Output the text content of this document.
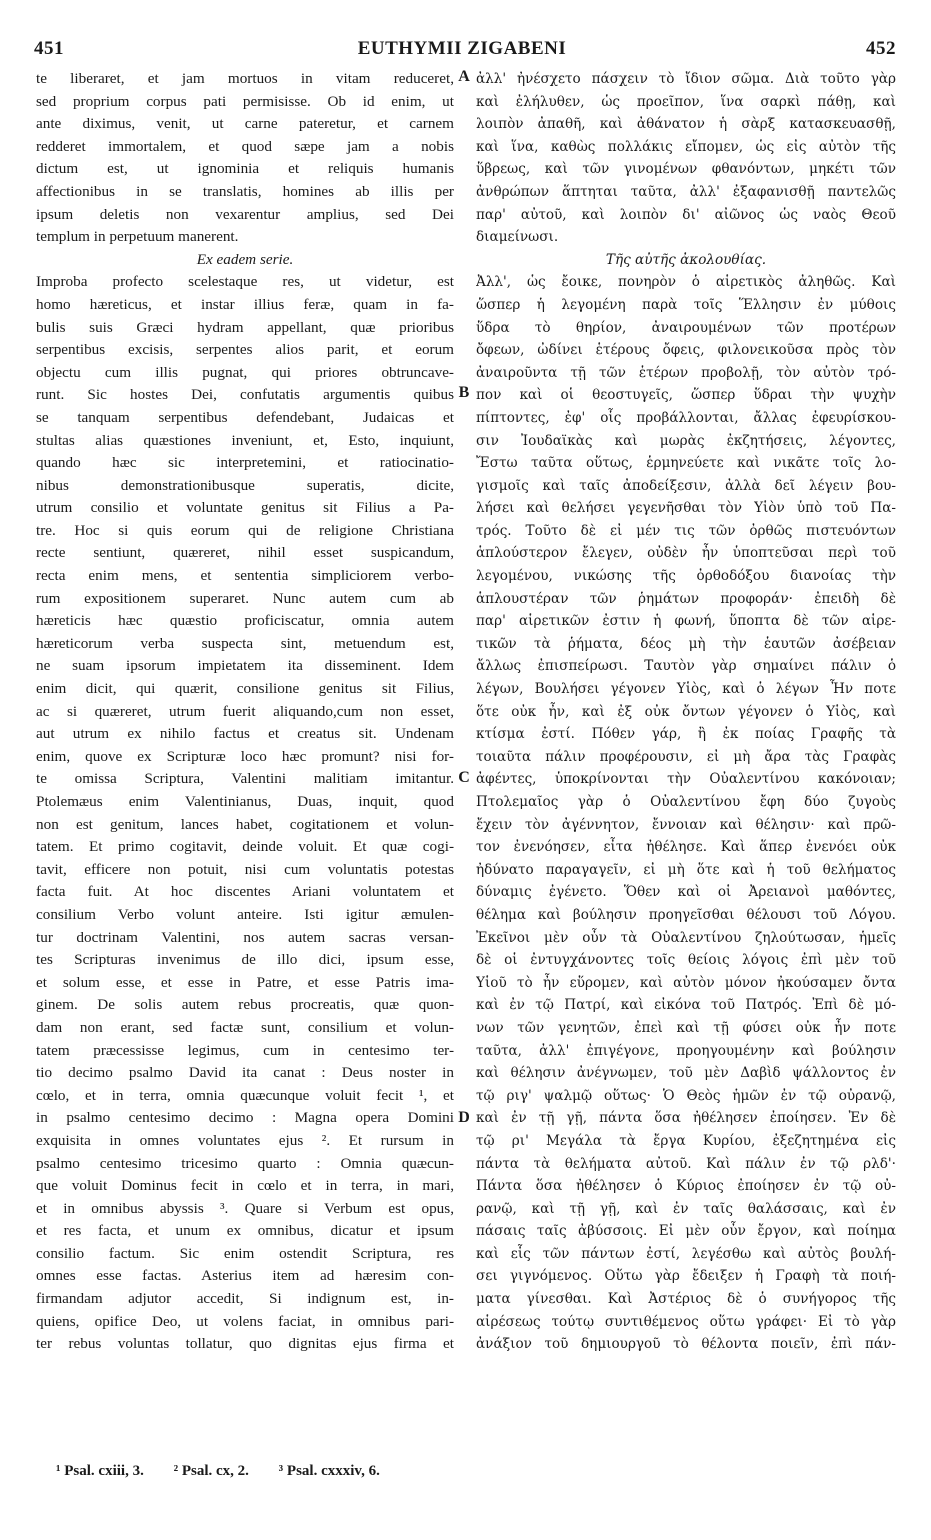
451	EUTHYMII ZIGABENI	452
te liberaret, et jam mortuos in vitam reduceret,
sed proprium corpus pati permisisse. Ob id enim, ut
ante diximus, venit, ut carne pateretur, et carnem
redderet immortalem, et quod sæpe jam a nobis
dictum est, ut ignominia et reliquis humanis
affectionibus in se translatis, homines ab illis per
ipsum deletis non vexarentur amplius, sed Dei
templum in perpetuum manerent.
Ex eadem serie.
Improba profecto scelestaque res, ut videtur, est
homo hæreticus, et instar illius feræ, quam in fa-
bulis suis Græci hydram appellant, quæ prioribus
serpentibus excisis, serpentes alios parit, et eorum
objectu cum illis pugnat, qui priores obtruncave-
runt. Sic hostes Dei, confutatis argumentis quibus
se tanquam serpentibus defendebant, Judaicas et
stultas alias quæstiones inveniunt, et, Esto, inquiunt,
quando hæc sic interpretemini, et ratiocinatio-
nibus demonstrationibusque superatis, dicite,
utrum consilio et voluntate genitus sit Filius a Pa-
tre. Hoc si quis eorum qui de religione Christiana
recte sentiunt, quæreret, nihil esset suspicandum,
recta enim mens, et sententia simpliciorem verbo-
rum expositionem superaret. Nunc autem cum ab
hæreticis hæc quæstio proficiscatur, omnia autem
hæreticorum verba suspecta sint, metuendum est,
ne suam ipsorum impietatem ita disseminent. Idem
enim dicit, qui quærit, consilione genitus sit Filius,
ac si quæreret, utrum fuerit aliquando,cum non esset,
aut utrum ex nihilo factus et creatus sit. Undenam
enim, quove ex Scripturæ loco hæc promunt? nisi for-
te omissa Scriptura, Valentini malitiam imitantur.
Ptolemæus enim Valentinianus, Duas, inquit, quod
non est genitum, lances habet, cogitationem et volun-
tatem. Et primo cogitavit, deinde voluit. Et quæ cogi-
tavit, efficere non potuit, nisi cum voluntatis potestas
facta fuit. At hoc discentes Ariani voluntatem et
consilium Verbo volunt anteire. Isti igitur æmulen-
tur doctrinam Valentini, nos autem sacras versan-
tes Scripturas invenimus de illo dici, ipsum esse,
et solum esse, et esse in Patre, et esse Patris ima-
ginem. De solis autem rebus procreatis, quæ quon-
dam non erant, sed factæ sunt, consilium et volun-
tatem præcessisse legimus, cum in centesimo ter-
tio decimo psalmo David ita canat : Deus noster in
cœlo, et in terra, omnia quæcunque voluit fecit ¹, et
in psalmo centesimo decimo : Magna opera Domini
exquisita in omnes voluntates ejus ². Et rursum in
psalmo centesimo tricesimo quarto : Omnia quæcun-
que voluit Dominus fecit in cœlo et in terra, in mari,
et in omnibus abyssis ³. Quare si Verbum est opus,
et res facta, et unum ex omnibus, dicatur et ipsum
consilio factum. Sic enim ostendit Scriptura, res
omnes esse factas. Asterius item ad hæresim con-
firmandam adjutor accedit, Si indignum est, in-
quiens, opifice Deo, ut volens faciat, in omnibus pari-
ter rebus voluntas tollatur, quo dignitas ejus firma et
ἀλλ' ἠνέσχετο πάσχειν τὸ ἴδιον σῶμα. Διὰ τοῦτο γὰρ
καὶ ἐλήλυθεν, ὡς προεῖπον, ἵνα σαρκὶ πάθῃ, καὶ
λοιπὸν ἀπαθῆ, καὶ ἀθάνατον ἡ σὰρξ κατασκευασθῇ,
καὶ ἵνα, καθὼς πολλάκις εἴπομεν, ὡς εἰς αὐτὸν τῆς
ὕβρεως, καὶ τῶν γινομένων φθανόντων, μηκέτι τῶν
ἀνθρώπων ἅπτηται ταῦτα, ἀλλ' ἐξαφανισθῇ παντελῶς
παρ' αὐτοῦ, καὶ λοιπὸν δι' αἰῶνος ὡς ναὸς Θεοῦ
διαμείνωσι.
Τῆς αὐτῆς ἀκολουθίας.
Ἀλλ', ὡς ἔοικε, πονηρὸν ὁ αἱρετικὸς ἀληθῶς. Καὶ
ὥσπερ ἡ λεγομένη παρὰ τοῖς Ἕλλησιν ἐν μύθοις
ὕδρα τὸ θηρίον, ἀναιρουμένων τῶν προτέρων
ὄφεων, ὠδίνει ἑτέρους ὄφεις, φιλονεικοῦσα πρὸς τὸν
ἀναιροῦντα τῇ τῶν ἑτέρων προβολῇ, τὸν αὐτὸν τρό-
πον καὶ οἱ θεοστυγεῖς, ὥσπερ ὕδραι τὴν ψυχὴν
πίπτοντες, ἐφ' οἷς προβάλλονται, ἄλλας ἐφευρίσκου-
σιν Ἰουδαϊκὰς καὶ μωρὰς ἐκζητήσεις, λέγοντες,
Ἔστω ταῦτα οὕτως, ἑρμηνεύετε καὶ νικᾶτε τοῖς λο-
γισμοῖς καὶ ταῖς ἀποδείξεσιν, ἀλλὰ δεῖ λέγειν βου-
λήσει καὶ θελήσει γεγενῆσθαι τὸν Υἱὸν ὑπὸ τοῦ Πα-
τρός. Τοῦτο δὲ εἰ μέν τις τῶν ὀρθῶς πιστευόντων
ἁπλούστερον ἔλεγεν, οὐδὲν ἦν ὑποπτεῦσαι περὶ τοῦ
λεγομένου, νικώσης τῆς ὀρθοδόξου διανοίας τὴν
ἁπλουστέραν τῶν ῥημάτων προφοράν· ἐπειδὴ δὲ
παρ' αἱρετικῶν ἐστιν ἡ φωνή, ὕποπτα δὲ τῶν αἱρε-
τικῶν τὰ ῥήματα, δέος μὴ τὴν ἑαυτῶν ἀσέβειαν
ἄλλως ἐπισπείρωσι. Ταυτὸν γὰρ σημαίνει πάλιν ὁ
λέγων, Βουλήσει γέγονεν Υἱὸς, καὶ ὁ λέγων Ἦν ποτε
ὅτε οὐκ ἦν, καὶ ἐξ οὐκ ὄντων γέγονεν ὁ Υἱὸς, καὶ
κτίσμα ἐστί. Πόθεν γάρ, ἢ ἐκ ποίας Γραφῆς τὰ
τοιαῦτα πάλιν προφέρουσιν, εἰ μὴ ἄρα τὰς Γραφὰς
ἀφέντες, ὑποκρίνονται τὴν Οὐαλεντίνου κακόνοιαν;
Πτολεμαῖος γὰρ ὁ Οὐαλεντίνου ἔφη δύο ζυγοὺς
ἔχειν τὸν ἀγέννητον, ἔννοιαν καὶ θέλησιν· καὶ πρῶ-
τον ἐνενόησεν, εἶτα ἠθέλησε. Καὶ ἅπερ ἐνενόει οὐκ
ἠδύνατο παραγαγεῖν, εἰ μὴ ὅτε καὶ ἡ τοῦ θελήματος
δύναμις ἐγένετο. Ὅθεν καὶ οἱ Ἀρειανοὶ μαθόντες,
θέλημα καὶ βούλησιν προηγεῖσθαι θέλουσι τοῦ Λόγου.
Ἐκεῖνοι μὲν οὖν τὰ Οὐαλεντίνου ζηλούτωσαν, ἡμεῖς
δὲ οἱ ἐντυγχάνοντες τοῖς θείοις λόγοις ἐπὶ μὲν τοῦ
Υἱοῦ τὸ ἦν εὕρομεν, καὶ αὐτὸν μόνον ἠκούσαμεν ὄντα
καὶ ἐν τῷ Πατρί, καὶ εἰκόνα τοῦ Πατρός. Ἐπὶ δὲ μό-
νων τῶν γενητῶν, ἐπεὶ καὶ τῇ φύσει οὐκ ἦν ποτε
ταῦτα, ἀλλ' ἐπιγέγονε, προηγουμένην καὶ βούλησιν
καὶ θέλησιν ἀνέγνωμεν, τοῦ μὲν Δαβὶδ ψάλλοντος ἐν
τῷ ριγ' ψαλμῷ οὕτως· Ὁ Θεὸς ἡμῶν ἐν τῷ οὐρανῷ,
καὶ ἐν τῇ γῇ, πάντα ὅσα ἠθέλησεν ἐποίησεν. Ἐν δὲ
τῷ ρι' Μεγάλα τὰ ἔργα Κυρίου, ἐξεζητημένα εἰς
πάντα τὰ θελήματα αὐτοῦ. Καὶ πάλιν ἐν τῷ ρλδ'·
Πάντα ὅσα ἠθέλησεν ὁ Κύριος ἐποίησεν ἐν τῷ οὐ-
ρανῷ, καὶ τῇ γῇ, καὶ ἐν ταῖς θαλάσσαις, καὶ ἐν
πάσαις ταῖς ἀβύσσοις. Εἰ μὲν οὖν ἔργον, καὶ ποίημα
καὶ εἷς τῶν πάντων ἐστί, λεγέσθω καὶ αὐτὸς βουλή-
σει γιγνόμενος. Οὕτω γὰρ ἔδειξεν ἡ Γραφὴ τὰ ποιή-
ματα γίνεσθαι. Καὶ Ἀστέριος δὲ ὁ συνήγορος τῆς
αἱρέσεως τούτῳ συντιθέμενος οὕτω γράφει· Εἰ τὸ γὰρ
ἀνάξιον τοῦ δημιουργοῦ τὸ θέλοντα ποιεῖν, ἐπὶ πάν-
A
B
C
D
¹ Psal. cxiii, 3. ² Psal. cx, 2. ³ Psal. cxxxiv, 6.
